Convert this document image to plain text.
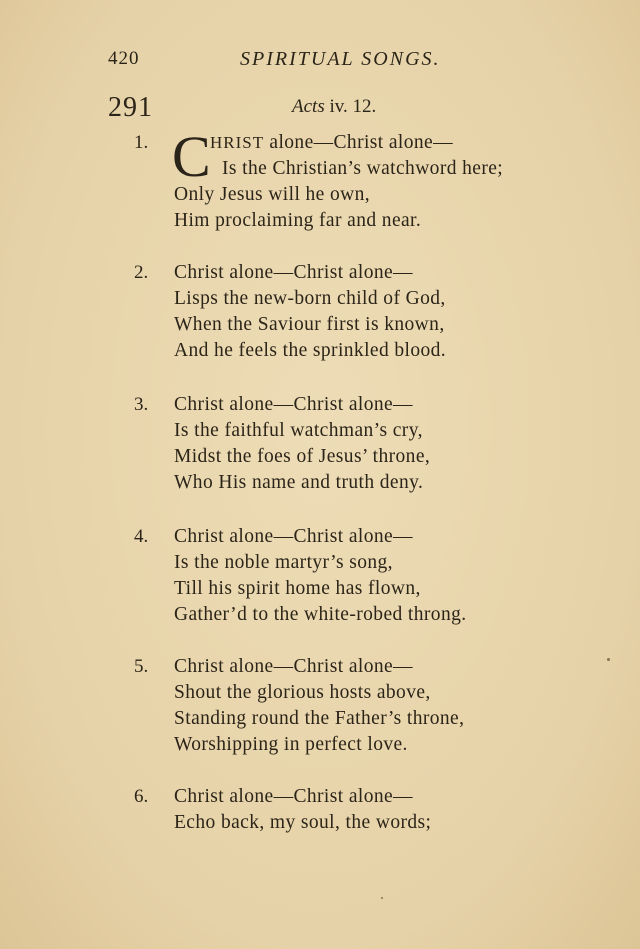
420	SPIRITUAL SONGS.
291	Acts iv. 12.
1. C HRIST alone—Christ alone—
Is the Christian’s watchword here;
Only Jesus will he own,
Him proclaiming far and near.
2. Christ alone—Christ alone—
Lisps the new-born child of God,
When the Saviour first is known,
And he feels the sprinkled blood.
3. Christ alone—Christ alone—
Is the faithful watchman’s cry,
Midst the foes of Jesus’ throne,
Who His name and truth deny.
4. Christ alone—Christ alone—
Is the noble martyr’s song,
Till his spirit home has flown,
Gather’d to the white-robed throng.
5. Christ alone—Christ alone—
Shout the glorious hosts above,
Standing round the Father’s throne,
Worshipping in perfect love.
6. Christ alone—Christ alone—
Echo back, my soul, the words;
